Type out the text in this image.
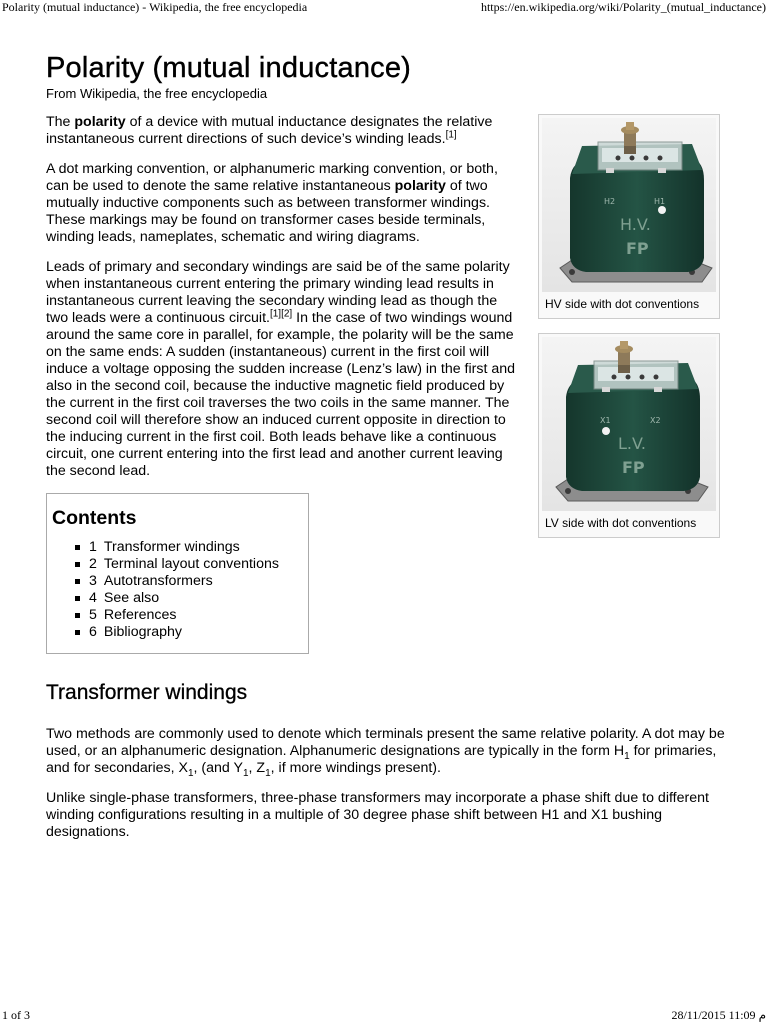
Polarity (mutual inductance) - Wikipedia, the free encyclopedia	https://en.wikipedia.org/wiki/Polarity_(mutual_inductance)
Polarity (mutual inductance)
From Wikipedia, the free encyclopedia
H2	H1
H.V.
FP
HV side with dot conventions
X1	X2
L.V.
FP
LV side with dot conventions

The polarity of a device with mutual inductance designates the relative instantaneous current directions of such device’s winding leads.[1]

A dot marking convention, or alphanumeric marking convention, or both, can be used to denote the same relative instantaneous polarity of two mutually inductive components such as between transformer windings. These markings may be found on transformer cases beside terminals, winding leads, nameplates, schematic and wiring diagrams.

Leads of primary and secondary windings are said be of the same polarity when instantaneous current entering the primary winding lead results in instantaneous current leaving the secondary winding lead as though the two leads were a continuous circuit.[1][2] In the case of two windings wound around the same core in parallel, for example, the polarity will be the same on the same ends: A sudden (instantaneous) current in the first coil will induce a voltage opposing the sudden increase (Lenz’s law) in the first and also in the second coil, because the inductive magnetic field produced by the current in the first coil traverses the two coils in the same manner. The second coil will therefore show an induced current opposite in direction to the inducing current in the first coil. Both leads behave like a continuous circuit, one current entering into the first lead and another current leaving the second lead.

Contents
1 Transformer windings
2 Terminal layout conventions
3 Autotransformers
4 See also
5 References
6 Bibliography
Transformer windings

Two methods are commonly used to denote which terminals present the same relative polarity. A dot may be used, or an alphanumeric designation. Alphanumeric designations are typically in the form $H_1$ for primaries, and for secondaries, $X_1$, (and $Y_1$, $Z_1$, if more windings present).

Unlike single-phase transformers, three-phase transformers may incorporate a phase shift due to different winding configurations resulting in a multiple of 30 degree phase shift between H1 and X1 bushing designations.

1 of 3	28/11/2015 11:09 م
